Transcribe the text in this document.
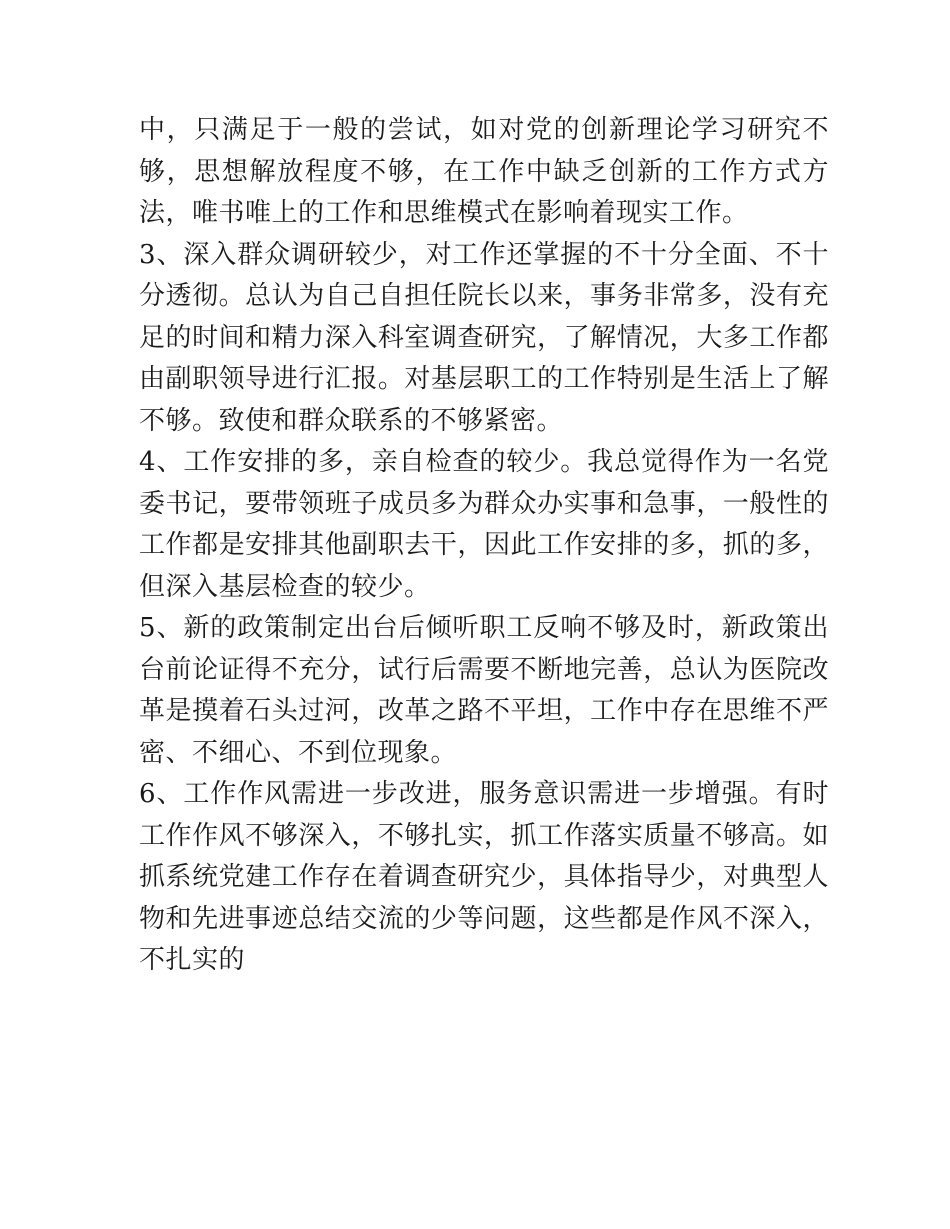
中，只满足于一般的尝试，如对党的创新理论学习研究不够，思想解放程度不够，在工作中缺乏创新的工作方式方法，唯书唯上的工作和思维模式在影响着现实工作。

3、深入群众调研较少，对工作还掌握的不十分全面、不十分透彻。总认为自己自担任院长以来，事务非常多，没有充足的时间和精力深入科室调查研究，了解情况，大多工作都由副职领导进行汇报。对基层职工的工作特别是生活上了解不够。致使和群众联系的不够紧密。

4、工作安排的多，亲自检查的较少。我总觉得作为一名党委书记，要带领班子成员多为群众办实事和急事，一般性的工作都是安排其他副职去干，因此工作安排的多，抓的多，但深入基层检查的较少。

5、新的政策制定出台后倾听职工反响不够及时，新政策出台前论证得不充分，试行后需要不断地完善，总认为医院改革是摸着石头过河，改革之路不平坦，工作中存在思维不严密、不细心、不到位现象。

6、工作作风需进一步改进，服务意识需进一步增强。有时工作作风不够深入，不够扎实，抓工作落实质量不够高。如抓系统党建工作存在着调查研究少，具体指导少，对典型人物和先进事迹总结交流的少等问题，这些都是作风不深入，不扎实的
